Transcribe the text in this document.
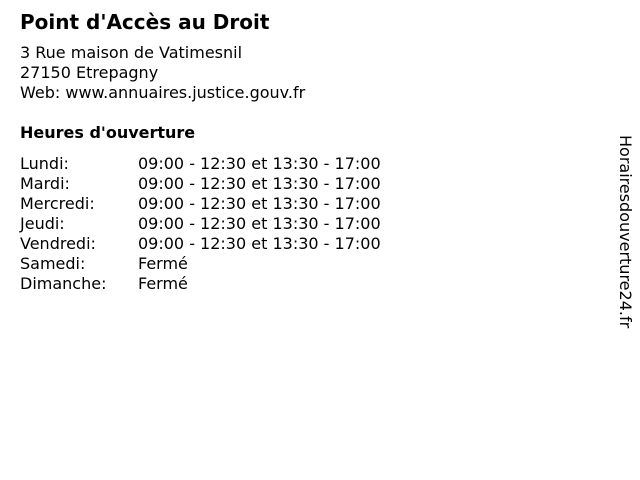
Point d'Accès au Droit
3 Rue maison de Vatimesnil
27150 Etrepagny
Web: www.annuaires.justice.gouv.fr
Heures d'ouverture
Lundi:	09:00 - 12:30 et 13:30 - 17:00
Mardi:	09:00 - 12:30 et 13:30 - 17:00
Mercredi:	09:00 - 12:30 et 13:30 - 17:00
Jeudi:	09:00 - 12:30 et 13:30 - 17:00
Vendredi:	09:00 - 12:30 et 13:30 - 17:00
Samedi:	Fermé
Dimanche:	Fermé	Horairesdouverture24.fr
